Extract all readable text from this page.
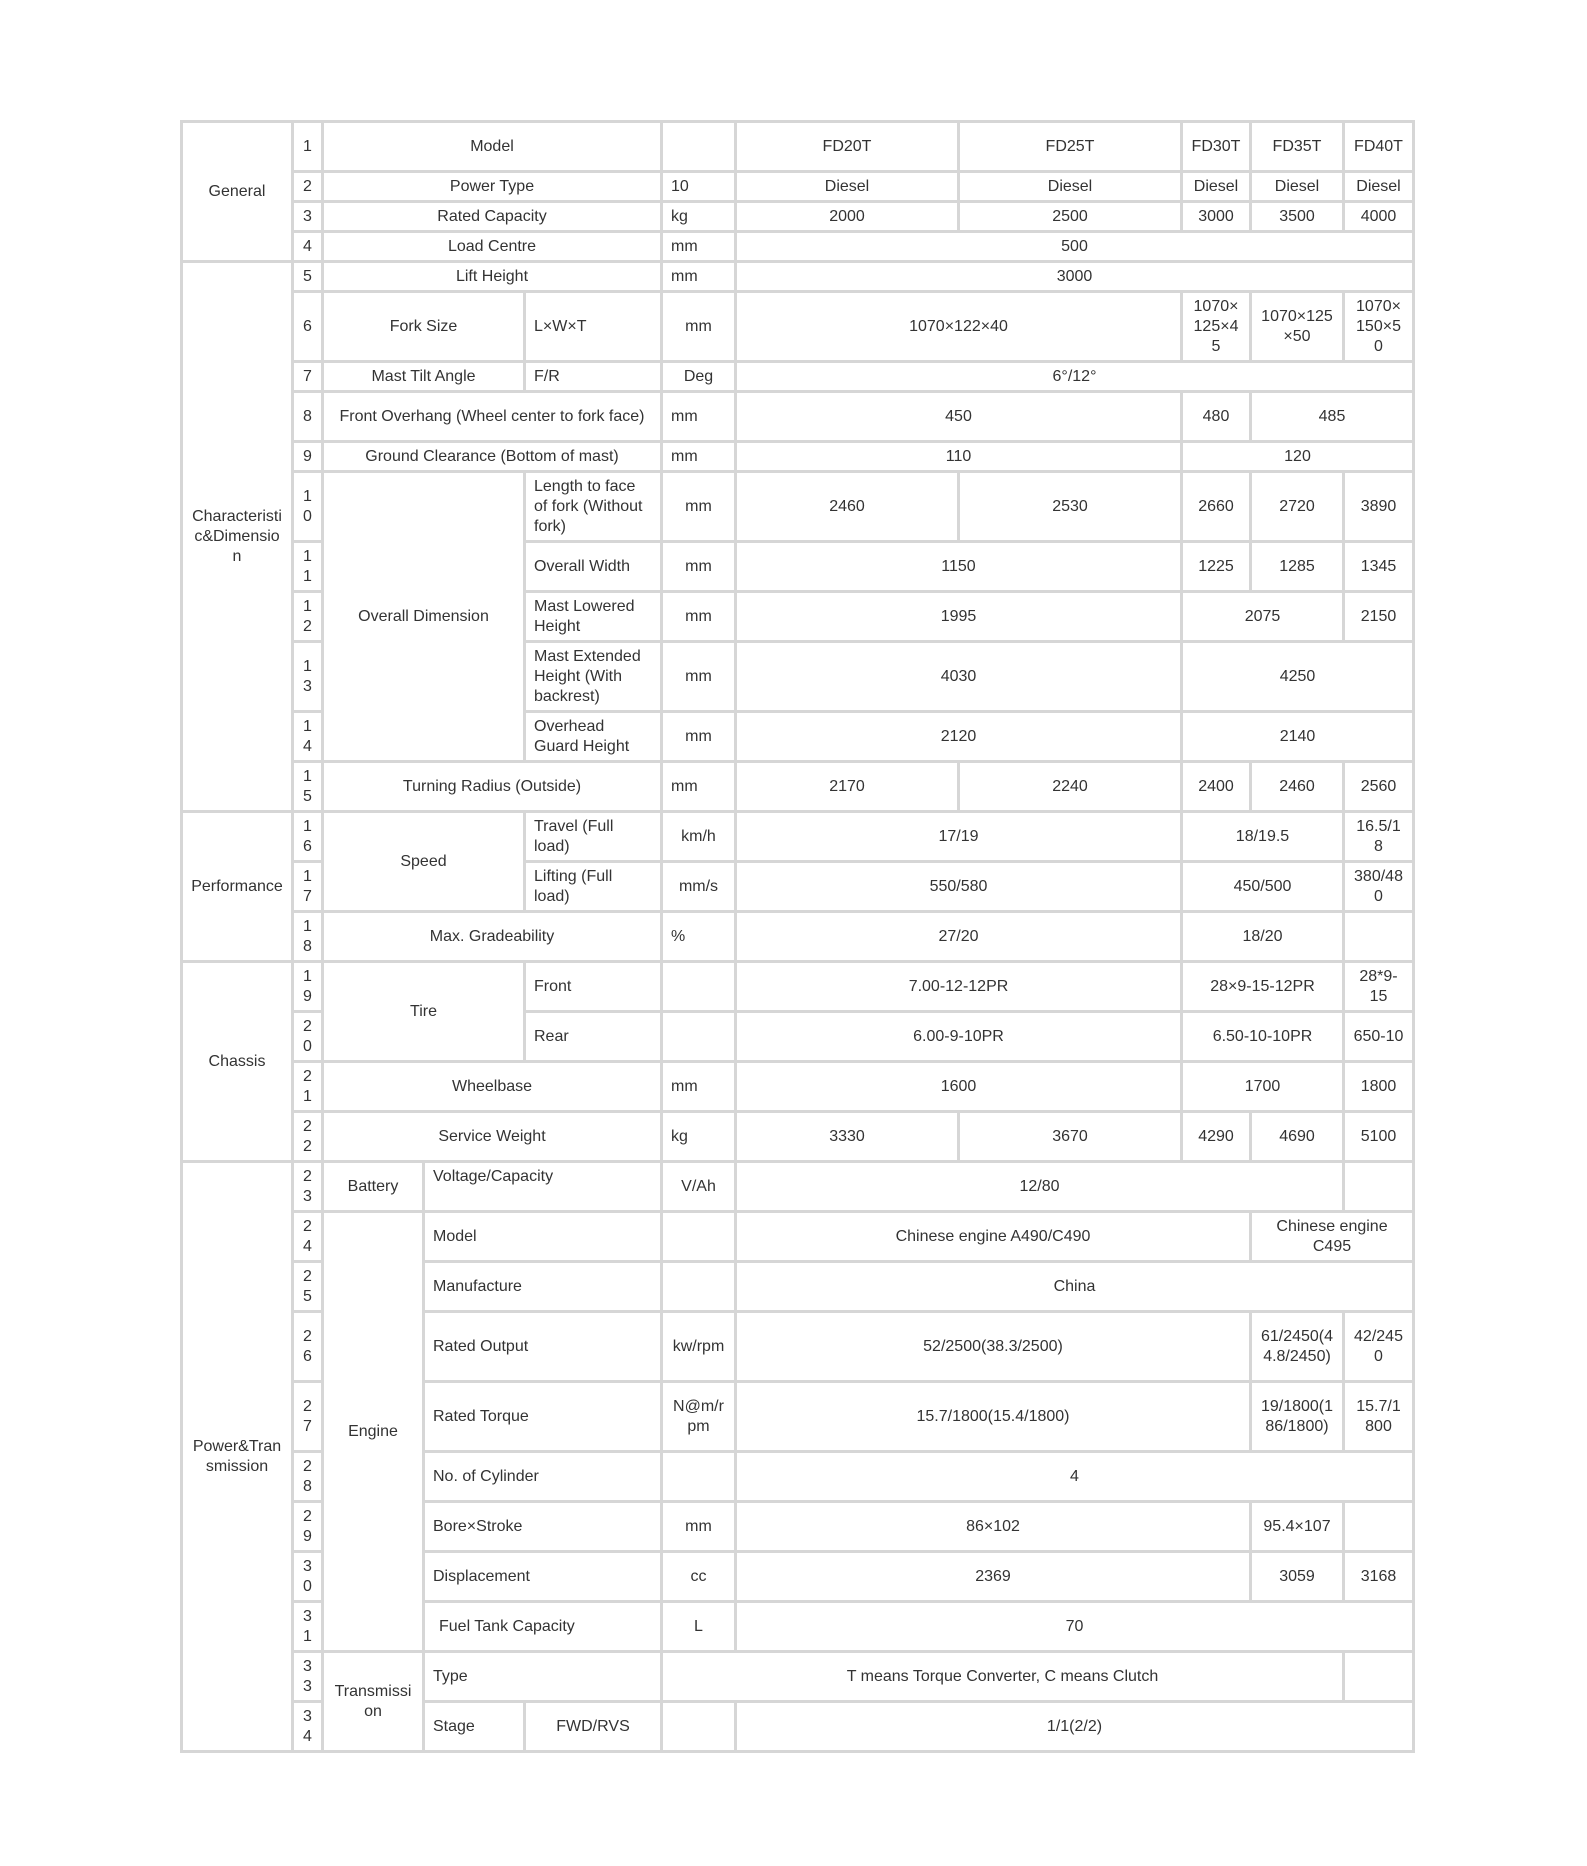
General	1	Model				FD20T	FD25T	FD30T	FD35T	FD40T
	2	Power Type			10	Diesel	Diesel	Diesel	Diesel	Diesel
	3	Rated Capacity			kg	2000	2500	3000	3500	4000
	4	Load Centre			mm	500				
Characteristic&Dimension	5	Lift Height			mm	3000				
	6	Fork Size		L×W×T	mm	1070×122×40		1070×125×45	1070×125×50	1070×150×50
	7	Mast Tilt Angle		F/R	Deg	6°/12°				
	8	Front Overhang (Wheel center to fork face)			mm	450		480	485	
	9	Ground Clearance (Bottom of mast)			mm	110		120		
	10	Overall Dimension		Length to face of fork (Without fork)	mm	2460	2530	2660	2720	3890
	11			Overall Width	mm	1150		1225	1285	1345
	12			Mast Lowered Height	mm	1995		2075		2150
	13			Mast Extended Height (With backrest)	mm	4030		4250		
	14			Overhead Guard Height	mm	2120		2140		
	15	Turning Radius (Outside)			mm	2170	2240	2400	2460	2560
Performance	16	Speed		Travel (Full load)	km/h	17/19		18/19.5		16.5/18
	17			Lifting (Full load)	mm/s	550/580		450/500		380/480
	18	Max. Gradeability			%	27/20		18/20		
Chassis	19	Tire		Front		7.00-12-12PR		28×9-15-12PR		28*9-15
	20			Rear		6.00-9-10PR		6.50-10-10PR		650-10
	21	Wheelbase			mm	1600		1700		1800
	22	Service Weight			kg	3330	3670	4290	4690	5100
Power&Transmission	23	Battery	Voltage/Capacity		V/Ah	12/80				
	24	Engine	Model			Chinese engine A490/C490			Chinese engine C495	
	25		Manufacture			China				
	26		Rated Output		kw/rpm	52/2500(38.3/2500)			61/2450(44.8/2450)	42/2450
	27		Rated Torque		N@m/rpm	15.7/1800(15.4/1800)			19/1800(186/1800)	15.7/1800
	28		No. of Cylinder			4				
	29		Bore×Stroke		mm	86×102			95.4×107	
	30		Displacement		cc	2369			3059	3168
	31		Fuel Tank Capacity		L	70				
	33	Transmission	Type		T means Torque Converter, C means Clutch					
	34		Stage	FWD/RVS		1/1(2/2)				
